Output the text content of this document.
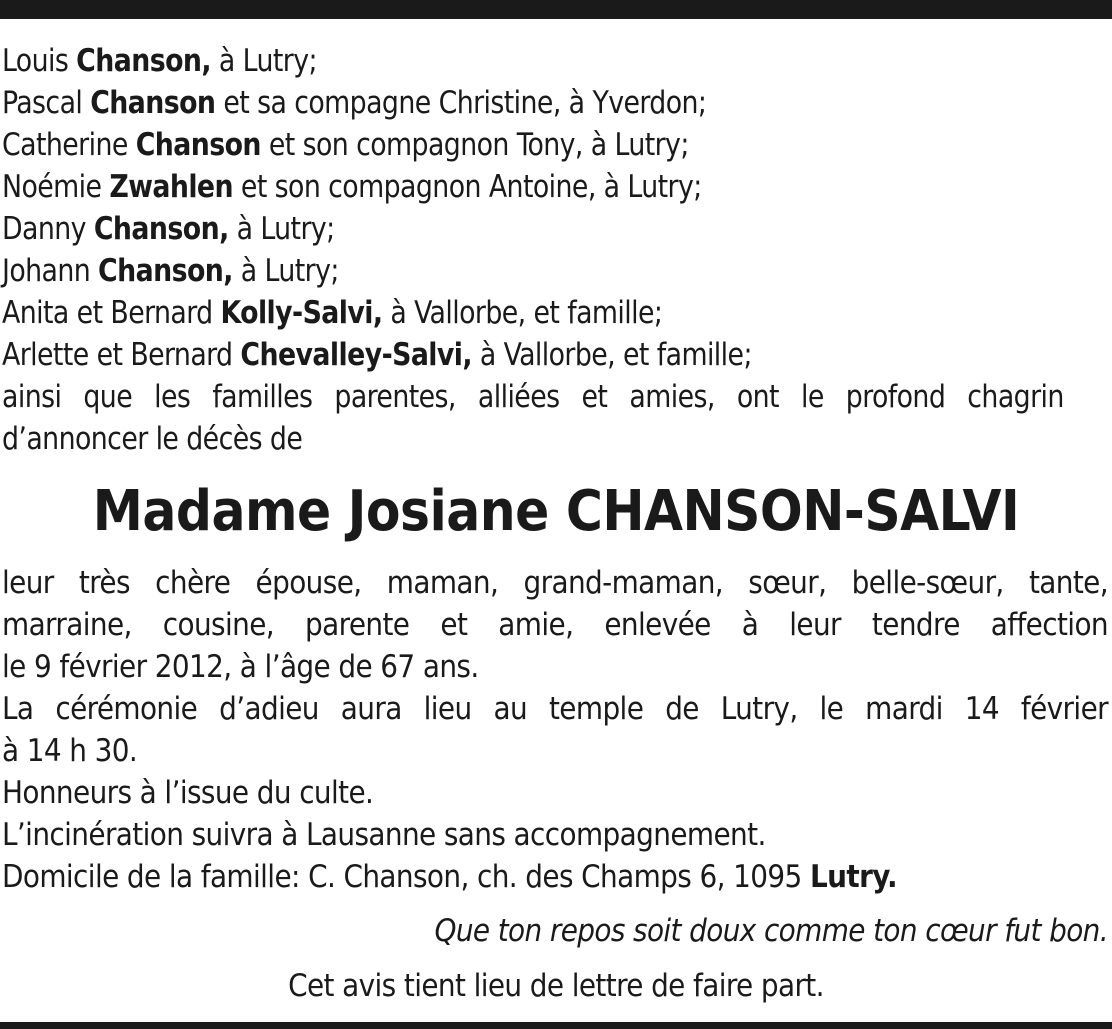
Louis Chanson, à Lutry;
Pascal Chanson et sa compagne Christine, à Yverdon;
Catherine Chanson et son compagnon Tony, à Lutry;
Noémie Zwahlen et son compagnon Antoine, à Lutry;
Danny Chanson, à Lutry;
Johann Chanson, à Lutry;
Anita et Bernard Kolly-Salvi, à Vallorbe, et famille;
Arlette et Bernard Chevalley-Salvi, à Vallorbe, et famille;
ainsi que les familles parentes, alliées et amies, ont le profond chagrin
d’annoncer le décès de
Madame Josiane CHANSON-SALVI
leur très chère épouse, maman, grand-maman, sœur, belle-sœur, tante,
marraine, cousine, parente et amie, enlevée à leur tendre affection
le 9 février 2012, à l’âge de 67 ans.
La cérémonie d’adieu aura lieu au temple de Lutry, le mardi 14 février
à 14 h 30.
Honneurs à l’issue du culte.
L’incinération suivra à Lausanne sans accompagnement.
Domicile de la famille: C. Chanson, ch. des Champs 6, 1095 Lutry.
Que ton repos soit doux comme ton cœur fut bon.
Cet avis tient lieu de lettre de faire part.
